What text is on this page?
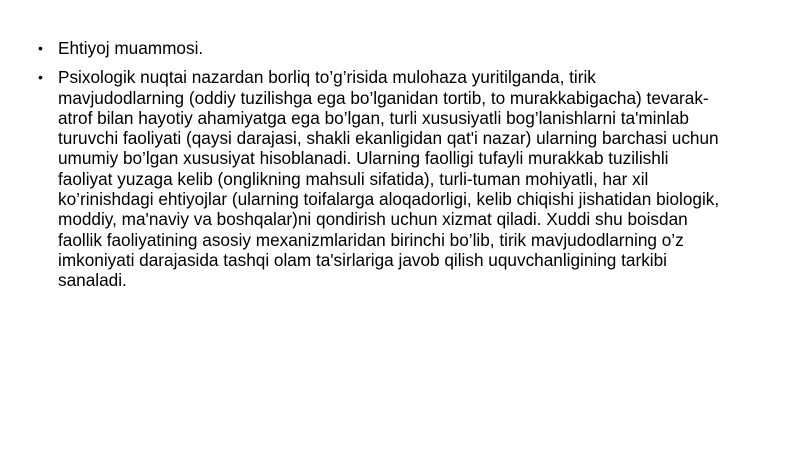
• Ehtiyoj muammosi.
• Psixologik nuqtai nazardan borliq to’g’risida mulohaza yuritilganda, tirik mavjudodlarning (oddiy tuzilishga ega bo’lganidan tortib, to murakkabigacha) tevarak- atrof bilan hayotiy ahamiyatga ega bo’lgan, turli xususiyatli bog’lanishlarni ta'minlab turuvchi faoliyati (qaysi darajasi, shakli ekanligidan qat'i nazar) ularning barchasi uchun umumiy bo’lgan xususiyat hisoblanadi. Ularning faolligi tufayli murakkab tuzilishli faoliyat yuzaga kelib (onglikning mahsuli sifatida), turli-tuman mohiyatli, har xil ko’rinishdagi ehtiyojlar (ularning toifalarga aloqadorligi, kelib chiqishi jishatidan biologik, moddiy, ma'naviy va boshqalar)ni qondirish uchun xizmat qiladi. Xuddi shu boisdan faollik faoliyatining asosiy mexanizmlaridan birinchi bo’lib, tirik mavjudodlarning o’z imkoniyati darajasida tashqi olam ta'sirlariga javob qilish uquvchanligining tarkibi sanaladi.
